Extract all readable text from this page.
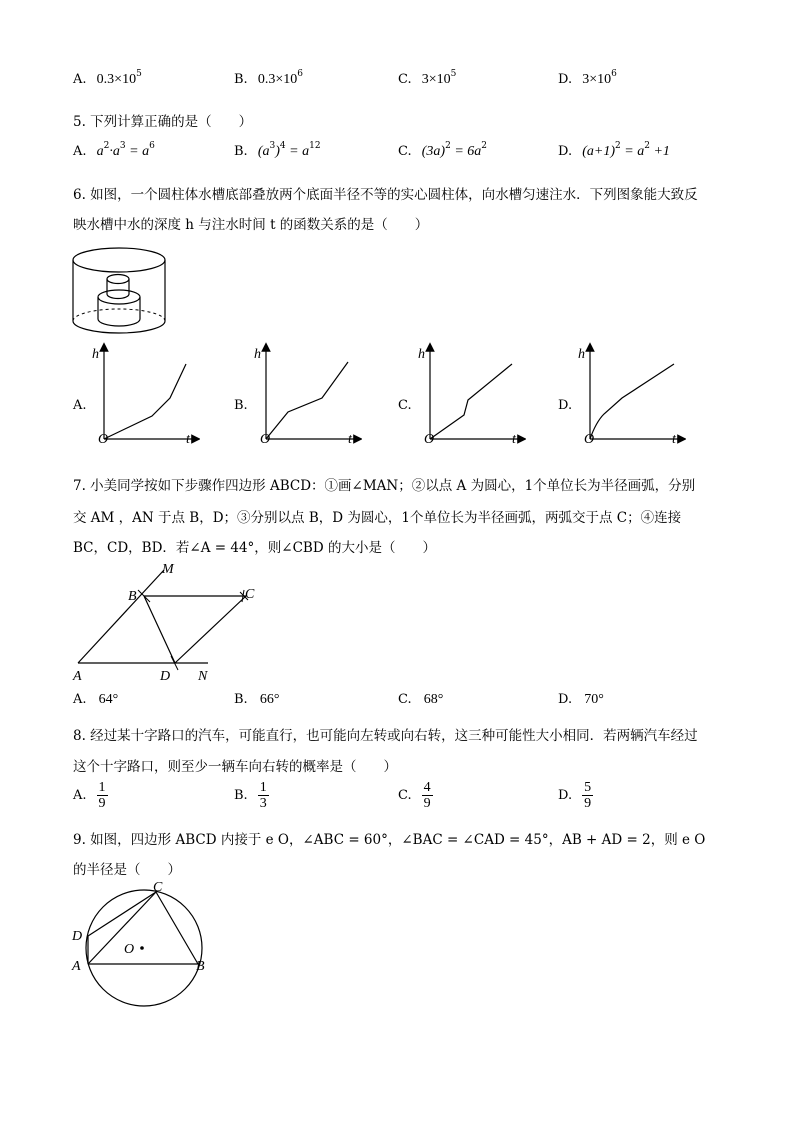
A. $0.3\times 10^5$	B. $0.3\times 10^6$	C. $3\times 10^5$	D. $3\times 10^6$
5. 下列计算正确的是（　　）
A. $a^2\cdot a^3 = a^6$	B. $(a^3)^4 = a^{12}$	C. $(3a)^2 = 6a^2$	D. $(a+1)^2 = a^2 +1$
6. 如图，一个圆柱体水槽底部叠放两个底面半径不等的实心圆柱体，向水槽匀速注水．下列图象能大致反
映水槽中水的深度 h 与注水时间 t 的函数关系的是（　　）
A.
h
t
O
B.
h
t
O
C.
h
t
O
D.
h
t
O
7. 小美同学按如下步骤作四边形 ABCD：①画∠MAN；②以点 A 为圆心，1个单位长为半径画弧，分别
交 AM ，AN 于点 B，D；③分别以点 B，D 为圆心，1个单位长为半径画弧，两弧交于点 C；④连接
BC，CD，BD．若∠A = 44°，则∠CBD 的大小是（　　）
M
B	C
A	D N
A. 64°	B. 66°	C. 68°	D. 70°
8. 经过某十字路口的汽车，可能直行，也可能向左转或向右转，这三种可能性大小相同．若两辆汽车经过
这个十字路口，则至少一辆车向右转的概率是（　　）
A. $\frac{1}{9}$	B. $\frac{1}{3}$	C. $\frac{4}{9}$	D. $\frac{5}{9}$
9. 如图，四边形 ABCD 内接于 e O，∠ABC = 60°，∠BAC = ∠CAD = 45°，AB + AD = 2，则 e O
的半径是（　　）
C
D
A	B
O
